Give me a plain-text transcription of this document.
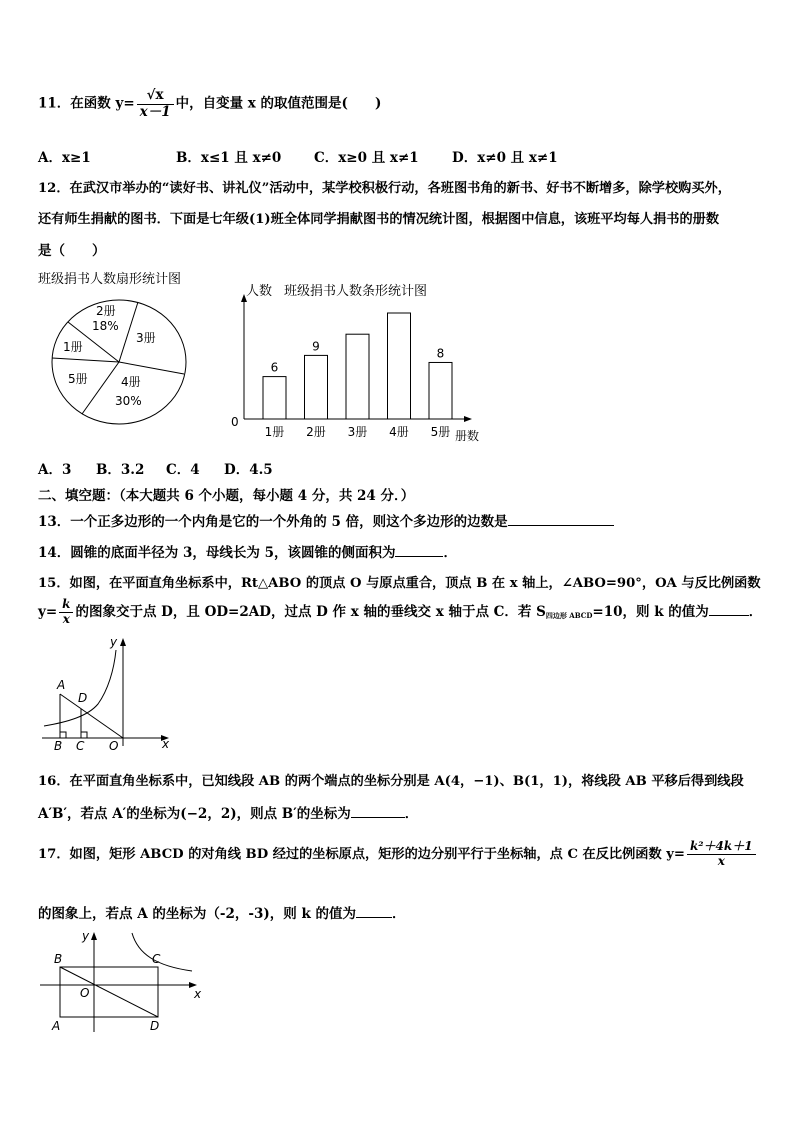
11．在函数 $y= \frac{√x}{x-1}$ 中，自变量 x 的取值范围是(　　)
A．x≥1	B．x≤1 且 x≠0 C．x≥0 且 x≠1 D．x≠0 且 x≠1
12．在武汉市举办的“读好书、讲礼仪”活动中，某学校积极行动，各班图书角的新书、好书不断增多，除学校购买外，
还有师生捐献的图书．下面是七年级(1)班全体同学捐献图书的情况统计图，根据图中信息，该班平均每人捐书的册数
是（　　）
班级捐书人数扇形统计图
2册
18%
3册
4册
30%
5册
1册
人数 班级捐书人数条形统计图
0
册数
6
1册
9
2册 3册 4册
8
5册
A．3 B．3.2 C．4 D．4.5
二、填空题：（本大题共 6 个小题，每小题 4 分，共 24 分．）
13．一个正多边形的一个内角是它的一个外角的 5 倍，则这个多边形的边数是
14．圆锥的底面半径为 3，母线长为 5，该圆锥的侧面积为	．
15．如图，在平面直角坐标系中，Rt△ABO 的顶点 O 与原点重合，顶点 B 在 x 轴上，∠ABO=90°，OA 与反比例函数
$y= \frac{k}{x}$ 的图象交于点 D，且 OD=2AD，过点 D 作 x 轴的垂线交 x 轴于点 C．若 $S_{四边形 ABCD}=10$，则 k 的值为	．
y
A
D
B C O	x
16．在平面直角坐标系中，已知线段 AB 的两个端点的坐标分别是 A(4，−1)、B(1，1)，将线段 AB 平移后得到线段
A′B′，若点 A′的坐标为(−2，2)，则点 B′的坐标为	．
17．如图，矩形 ABCD 的对角线 BD 经过的坐标原点，矩形的边分别平行于坐标轴，点 C 在反比例函数 $y= \frac{\text{k²＋4k＋1}}{x}$
的图象上，若点 A 的坐标为（-2，-3)，则 k 的值为	．
y
B	C
O	x
A	D
